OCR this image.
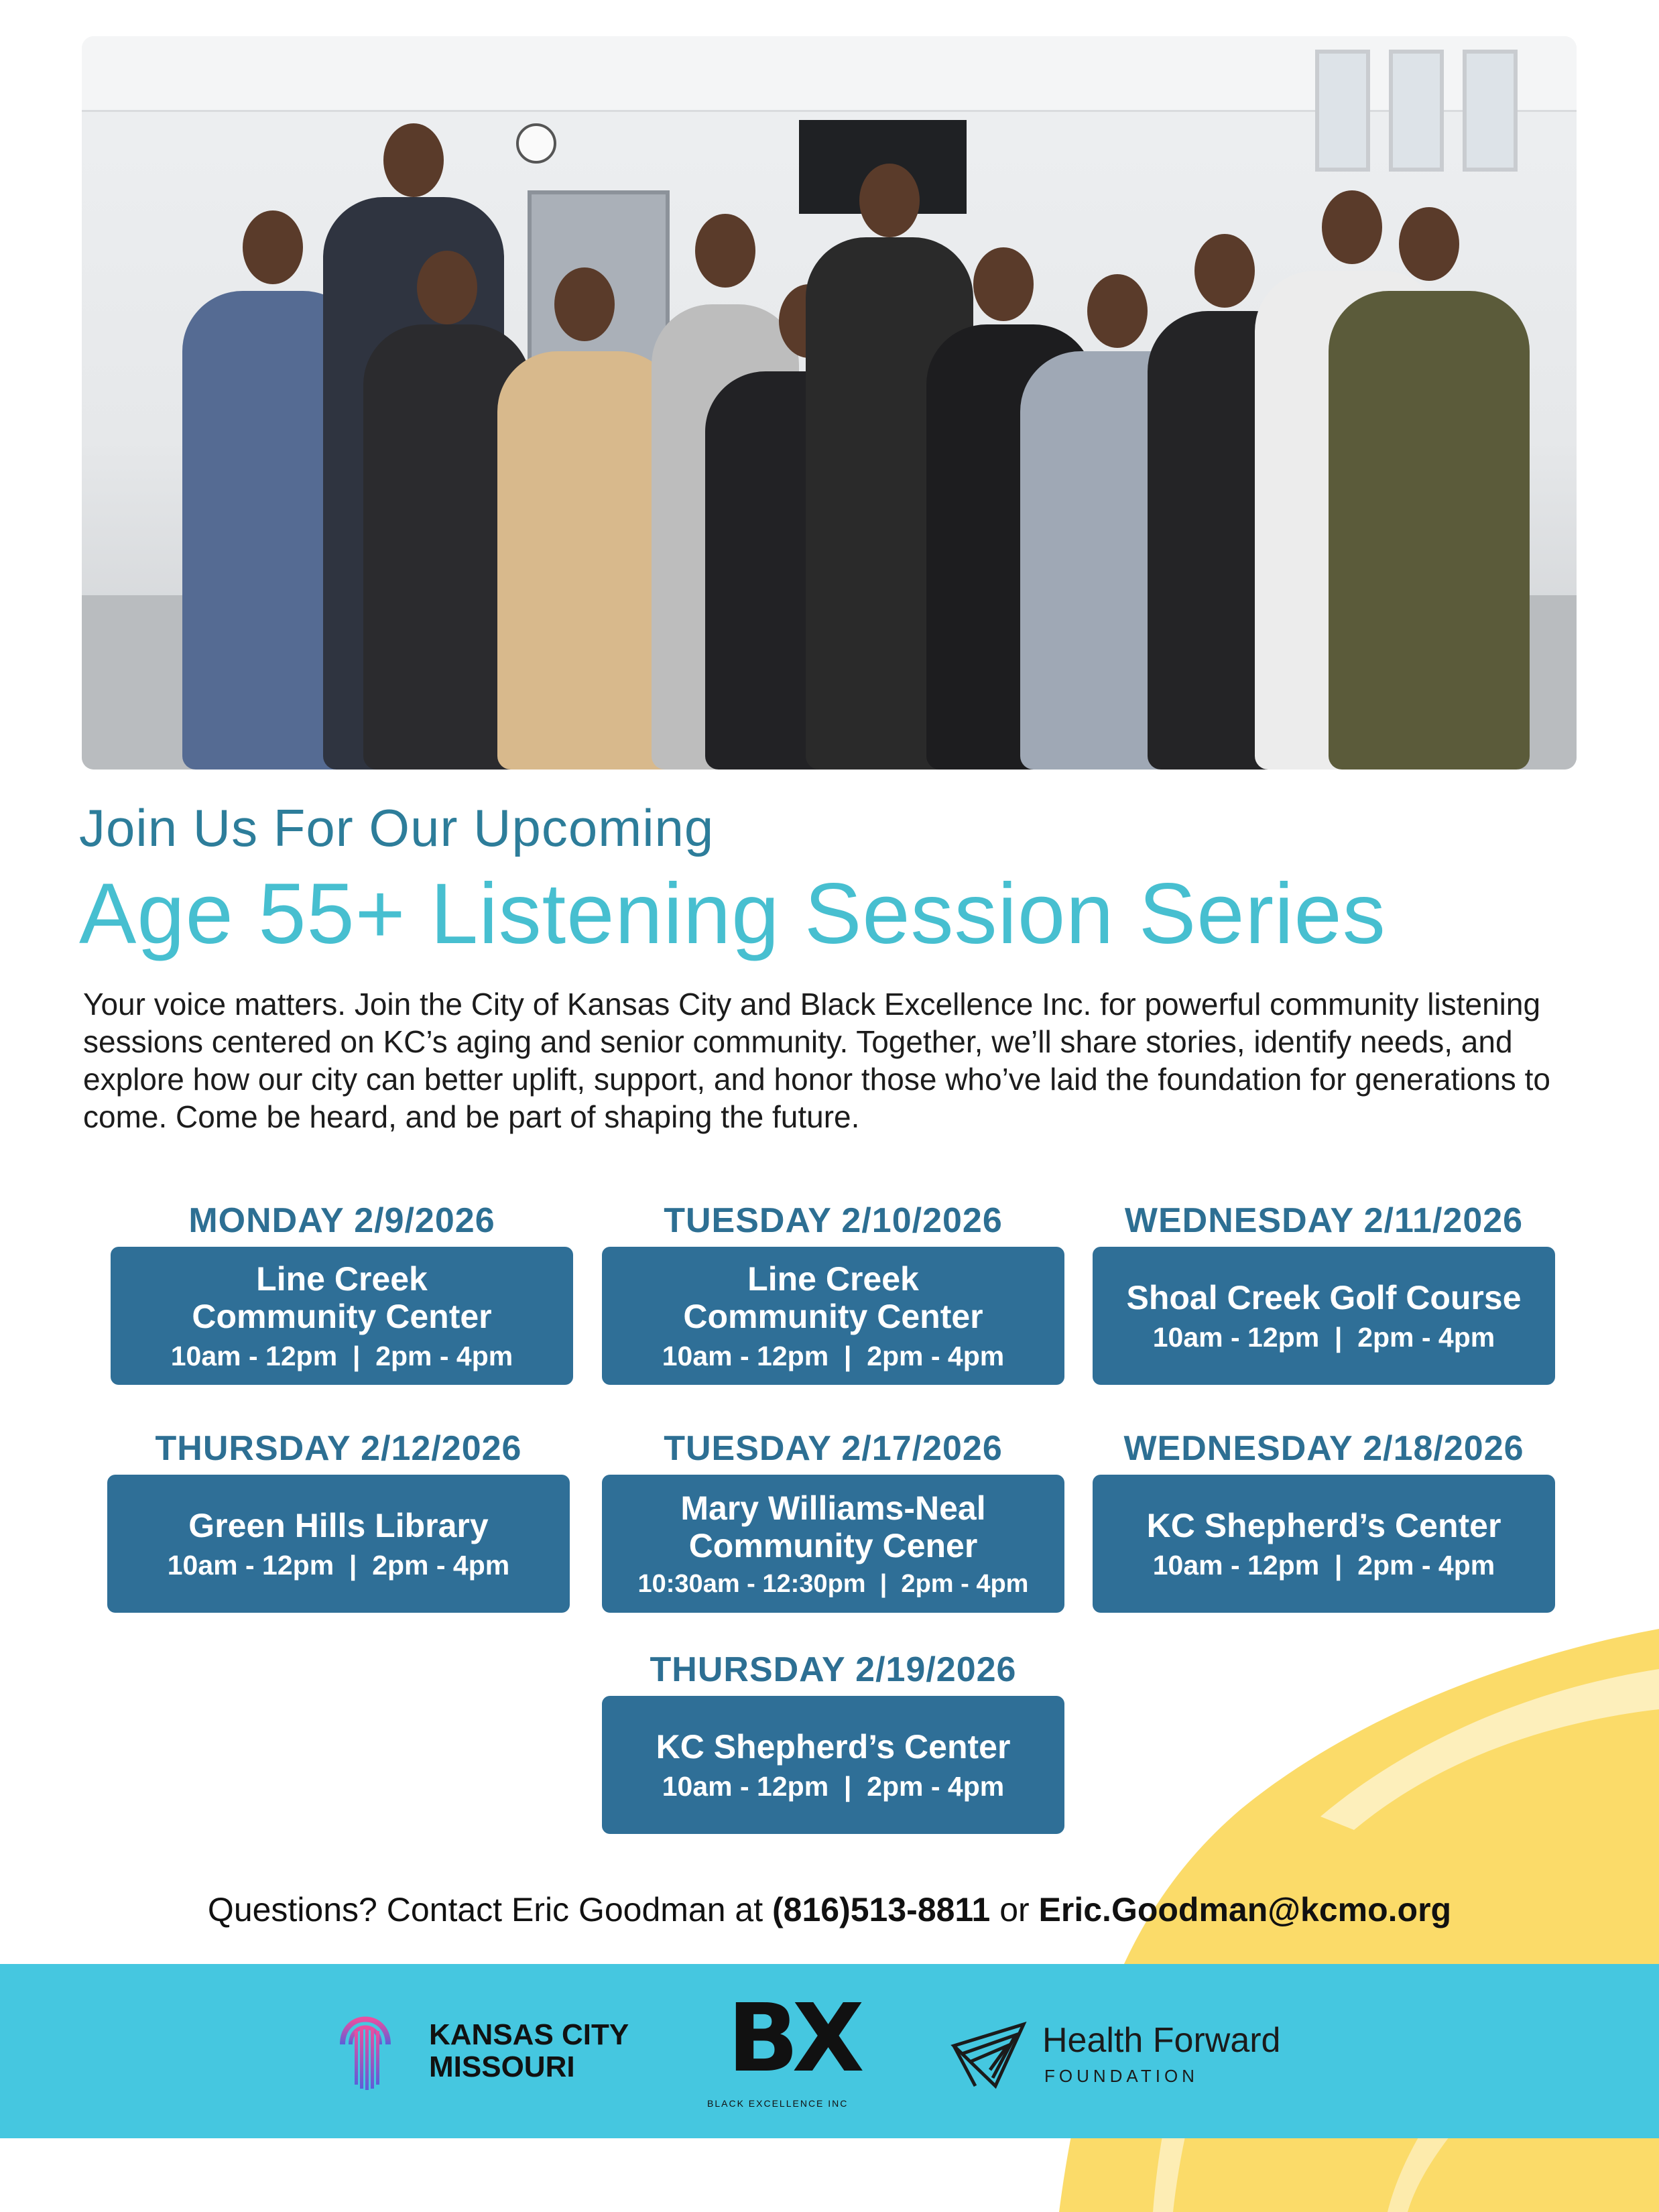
Join Us For Our Upcoming
Age 55+ Listening Session Series
Your voice matters. Join the City of Kansas City and Black Excellence Inc. for powerful community listening sessions centered on KC’s aging and senior community. Together, we’ll share stories, identify needs, and explore how our city can better uplift, support, and honor those who’ve laid the foundation for generations to come. Come be heard, and be part of shaping the future.
MONDAY 2/9/2026
Line Creek
Community Center
10am - 12pm  |  2pm - 4pm
TUESDAY 2/10/2026
Line Creek
Community Center
10am - 12pm  |  2pm - 4pm
WEDNESDAY 2/11/2026
Shoal Creek Golf Course
10am - 12pm  |  2pm - 4pm
THURSDAY 2/12/2026
Green Hills Library
10am - 12pm  |  2pm - 4pm
TUESDAY 2/17/2026
Mary Williams-Neal
Community Cener
10:30am - 12:30pm  |  2pm - 4pm
WEDNESDAY 2/18/2026
KC Shepherd’s Center
10am - 12pm  |  2pm - 4pm
THURSDAY 2/19/2026
KC Shepherd’s Center
10am - 12pm  |  2pm - 4pm
Questions? Contact Eric Goodman at (816)513-8811 or Eric.Goodman@kcmo.org
KANSAS CITY
MISSOURI	BX
BLACK EXCELLENCE INC
Health Forward
FOUNDATION
